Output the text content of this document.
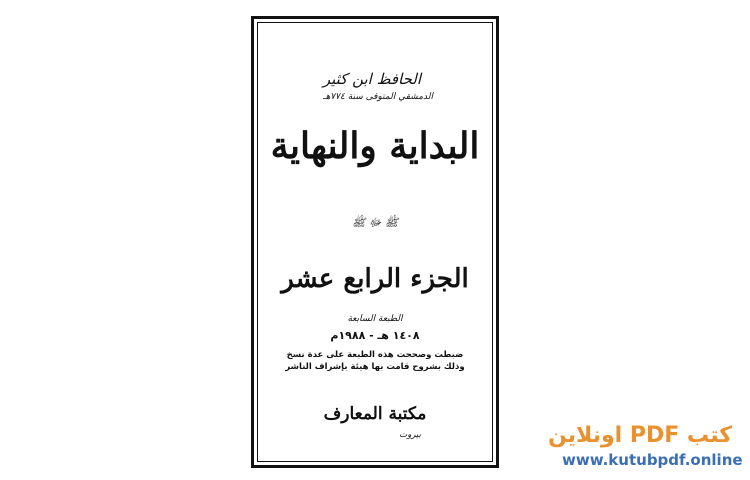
الحافظ ابن كثير
الدمشقي المتوفى سنة ٧٧٤هـ
البداية والنهاية
ﷺ ﷻ ﷺ
الجزء الرابع عشر
الطبعة السابعة
١٤٠٨ هـ - ١٩٨٨م
ضبطت وصححت هذه الطبعة على عدة نسخ وذلك بشروح قامت بها هيئة بإشراف الناشر
مكتبة المعارف
بيروت	كتب PDF اونلاين
www.kutubpdf.online
